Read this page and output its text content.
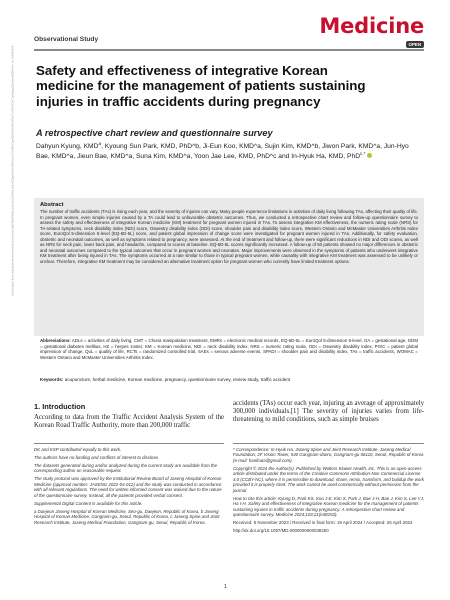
Downloaded from http://journals.lww.com/md-journal by BhDMf5ePHKav1zEoum1tQfN4a+kJLhEZgbsIHo4XMi0hCywCX1AWnYQp/IlQrHD3i3D0OdRyi7TvSFl4Cf3VC1y0abggQZXdtwnfKZBYtws= on 05/06/2024
Observational Study
Medicine
OPEN
Safety and effectiveness of integrative Korean medicine for the management of patients sustaining injuries in traffic accidents during pregnancy
A retrospective chart review and questionnaire survey
Dahyun Kyung, KMD$^a$, Kyoung Sun Park, KMD, PhD^b, Ji-Eun Koo, KMD^a, Sujin Kim, KMD^b, Jiwon Park, KMD^a, Jun-Hyo Bae, KMD^a, Jieun Bae, KMD^a, Suna Kim, KMD^a, Yoon Jae Lee, KMD, PhD^c and In-Hyuk Ha, KMD, PhD$^{c,*}$
Abstract
The number of traffic accidents (TAs) is rising each year, and the severity of injuries can vary. Many people experience limitations in activities of daily living following TAs, affecting their quality of life. In pregnant women, even simple injuries caused by a TA could lead to unfavorable obstetric outcomes. Thus, we conducted a retrospective chart review and follow-up questionnaire survey to assess the safety and effectiveness of integrative Korean medicine (KM) treatment for pregnant women injured in TAs. To assess integrative KM effectiveness, the numeric rating scale (NRS) for TA-related symptoms, neck disability index (NDI) score, Oswestry disability index (ODI) score, shoulder pain and disability index score, Western Ontario and McMaster Universities Arthritis Index score, EuroQol 5-dimension 5-level (EQ-5D-5L) score, and patient global impression of change score were investigated for pregnant women injured in TAs. Additionally, for safety evaluation, obstetric and neonatal outcomes, as well as symptoms related to pregnancy, were assessed. At the end of treatment and follow-up, there were significant reductions in NDI and ODI scores, as well as NRS for neck pain, lower back pain, and headache, compared to scores at baseline. EQ-5D-5L scores significantly increased. A follow-up of 50 patients showed no major differences in obstetric and neonatal outcomes compared to the typical outcomes that occur in pregnant women and neonates. Major improvements were observed in the symptoms of patients who underwent integrative KM treatment after being injured in TAs. The symptoms occurred at a rate similar to those in typical pregnant women, while causality with integrative KM treatment was assessed to be unlikely or unclear. Therefore, integrative KM treatment may be considered an alternative treatment option for pregnant women who currently have limited treatment options.
Abbreviations: ADLs = activities of daily living, CMT = Chuna manipulation treatment, EMRs = electronic medical records, EQ-5D-5L = EuroQol 5-dimension 5-level, GA = gestational age, GDM = gestational diabetes mellitus, HZ = herpes zoster, KM = Korean medicine, NDI = neck disability index, NRS = numeric rating scale, ODI = Oswestry disability index, PGIC = patient global impression of change, QoL = quality of life, RCTs = randomized controlled trial, SAEs = serious adverse events, SPADI = shoulder pain and disability index, TAs = traffic accidents, WOMAC = Western Ontario and McMaster Universities Arthritis Index.
Keywords: acupuncture, herbal medicine, Korean medicine, pregnancy, questionnaire survey, review study, traffic accident
1. Introduction
According to data from the Traffic Accident Analysis System of the Korean Road Traffic Authority, more than 200,000 traffic
accidents (TAs) occur each year, injuring an average of approximately 300,000 individuals.[1] The severity of injuries varies from life-threatening to mild conditions, such as simple bruises
DK and KSP contributed equally to this work.
The authors have no funding and conflicts of interest to disclose.
The datasets generated during and/or analyzed during the current study are available from the corresponding author on reasonable request.
The study protocol was approved by the Institutional Review Board of Jaseng Hospital of Korean Medicine (approval number: JASENG 2022-04-012) and the study was conducted in accordance with all relevant regulations. The need for written informed consent was waived due to the nature of the questionnaire survey. Instead, all the patients provided verbal consent.
Supplemental Digital Content is available for this article.
a Daejeon Jaseng Hospital of Korean Medicine, Seo-gu, Daejeon, Republic of Korea, b Jaseng Hospital of Korean Medicine, Gangnam-gu, Seoul, Republic of Korea, c Jaseng Spine and Joint Research Institute, Jaseng Medical Foundation, Gangnam-gu, Seoul, Republic of Korea.
* Correspondence: In-Hyuk Ha, Jaseng Spine and Joint Research Institute, Jaseng Medical Foundation, 2F Vision Tower, 540 Gangnam-daero, Gangnam-gu 06110, Seoul, Republic of Korea (e-mail: hanihata@gmail.com).
Copyright © 2024 the Author(s). Published by Wolters Kluwer Health, Inc. This is an open-access article distributed under the terms of the Creative Commons Attribution-Non Commercial License 4.0 (CCBY-NC), where it is permissible to download, share, remix, transform, and buildup the work provided it is properly cited. The work cannot be used commercially without permission from the journal.
How to cite this article: Kyung D, Park KS, Koo J-E, Kim S, Park J, Bae J-H, Bae J, Kim S, Lee YJ, Ha I-H. Safety and effectiveness of integrative Korean medicine for the management of patients sustaining injuries in traffic accidents during pregnancy: A retrospective chart review and questionnaire survey. Medicine 2024;103:21(e38253).
Received: 5 November 2023 / Received in final form: 19 April 2024 / Accepted: 25 April 2024
http://dx.doi.org/10.1097/MD.0000000000038250
1
